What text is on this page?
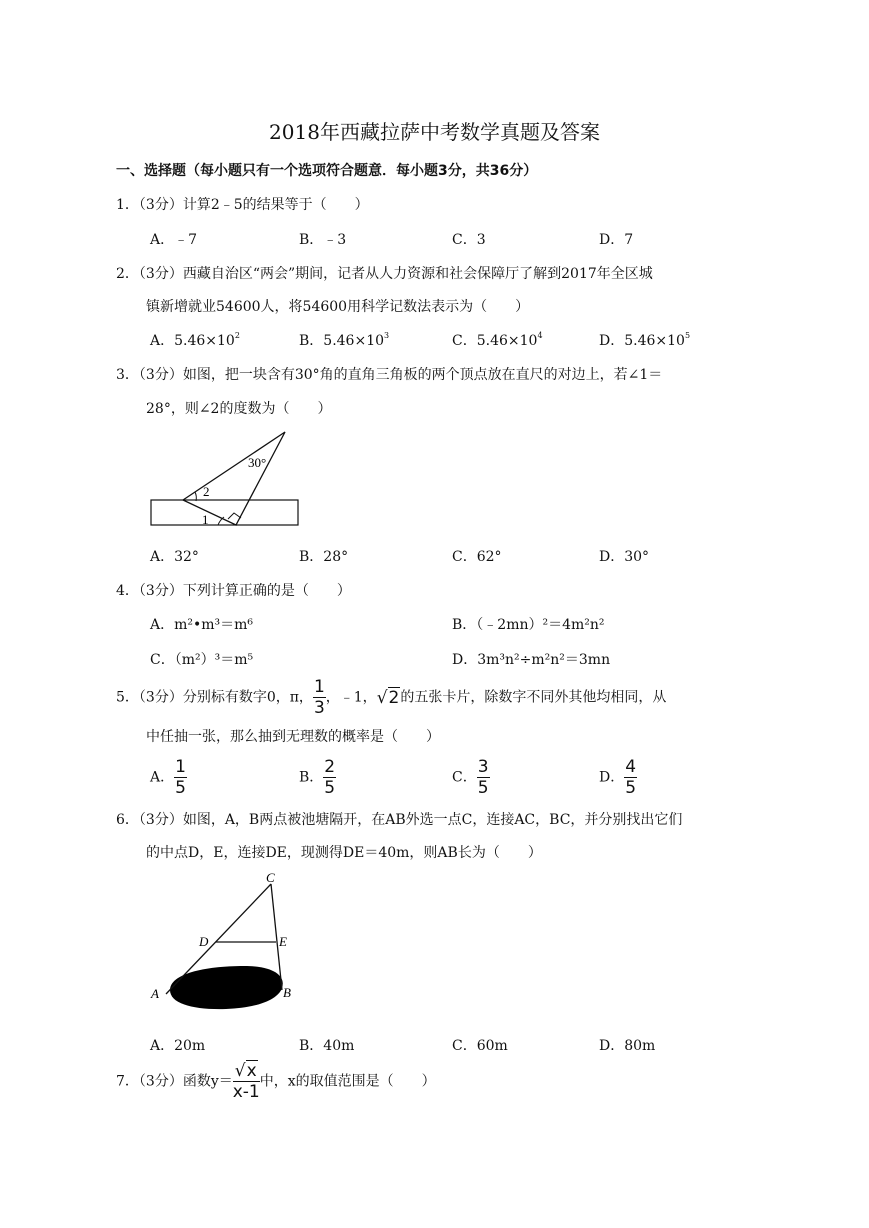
2018年西藏拉萨中考数学真题及答案
一、选择题（每小题只有一个选项符合题意．每小题3分，共36分）
1．（3分）计算2﹣5的结果等于（　　）
A．﹣7	B．﹣3	C．3	D．7
2．（3分）西藏自治区“两会”期间，记者从人力资源和社会保障厅了解到2017年全区城
镇新增就业54600人，将54600用科学记数法表示为（　　）
A．$5.46\times 10^2$	B．$5.46\times 10^3$	C．$5.46\times 10^4$	D．$5.46\times 10^5$
3．（3分）如图，把一块含有30°角的直角三角板的两个顶点放在直尺的对边上，若∠1＝
28°，则∠2的度数为（　　）
30°
2
1
A．32°	B．28°	C．62°	D．30°
4．（3分）下列计算正确的是（　　）
A．m²•m³＝m⁶	B．（﹣2mn）²＝4m²n²
C．（m²）³＝m⁵	D．3m³n²÷m²n²＝3mn
5．（3分）分别标有数字0，π， $\frac{1}{3}$ ，﹣1，√2的五张卡片，除数字不同外其他均相同，从
中任抽一张，那么抽到无理数的概率是（　　）
A． $\frac{1}{5}$	B． $\frac{2}{5}$	C． $\frac{3}{5}$	D． $\frac{4}{5}$
6．（3分）如图，A，B两点被池塘隔开，在AB外选一点C，连接AC，BC，并分别找出它们
的中点D，E，连接DE，现测得DE＝40m，则AB长为（　　）
C
D	E
A	B
A．20m	B．40m	C．60m	D．80m
7．（3分）函数$y= \frac{√x}{x-1}$ 中，x的取值范围是（　　）
